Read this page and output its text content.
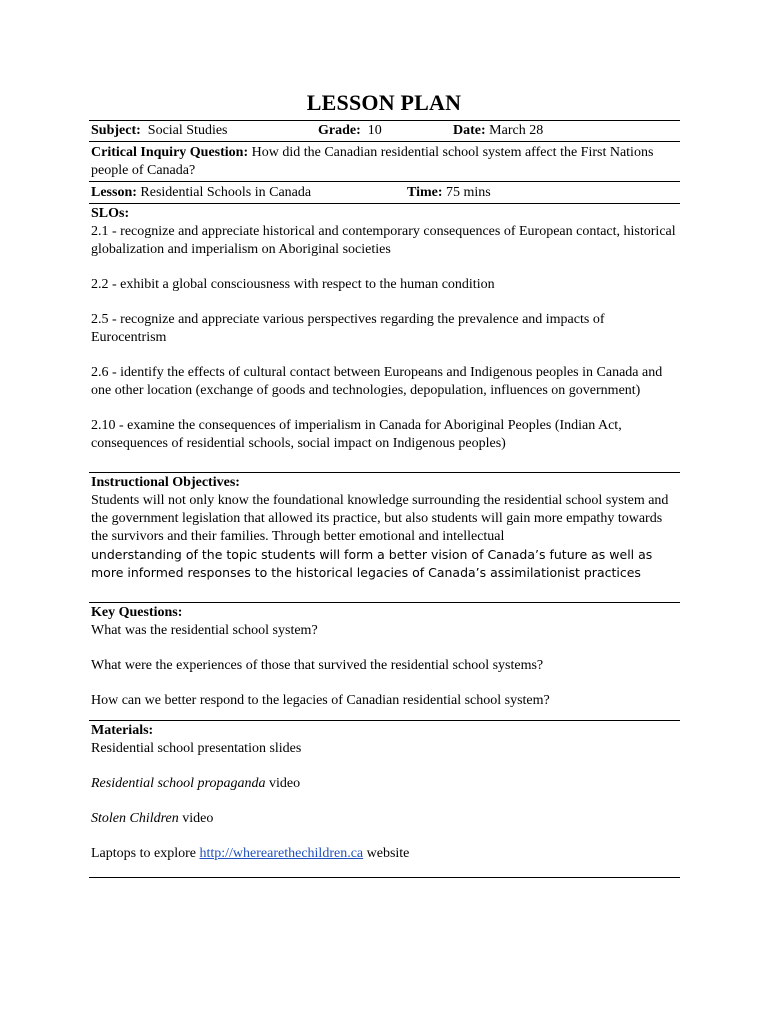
LESSON PLAN
Subject: Social Studies	Grade: 10	Date: March 28
Critical Inquiry Question: How did the Canadian residential school system affect the First Nations people of Canada?
Lesson: Residential Schools in Canada	Time: 75 mins

SLOs:

2.1 - recognize and appreciate historical and contemporary consequences of European contact, historical globalization and imperialism on Aboriginal societies

2.2 - exhibit a global consciousness with respect to the human condition

2.5 - recognize and appreciate various perspectives regarding the prevalence and impacts of Eurocentrism

2.6 - identify the effects of cultural contact between Europeans and Indigenous peoples in Canada and one other location (exchange of goods and technologies, depopulation, influences on government)

2.10 - examine the consequences of imperialism in Canada for Aboriginal Peoples (Indian Act, consequences of residential schools, social impact on Indigenous peoples)

Instructional Objectives:

Students will not only know the foundational knowledge surrounding the residential school system and the government legislation that allowed its practice, but also students will gain more empathy towards the survivors and their families. Through better emotional and intellectual

understanding of the topic students will form a better vision of Canada’s future as well as more informed responses to the historical legacies of Canada’s assimilationist practices

Key Questions:

What was the residential school system?

What were the experiences of those that survived the residential school systems?

How can we better respond to the legacies of Canadian residential school system?

Materials:

Residential school presentation slides

Residential school propaganda video

Stolen Children video

Laptops to explore http://wherearethechildren.ca website
